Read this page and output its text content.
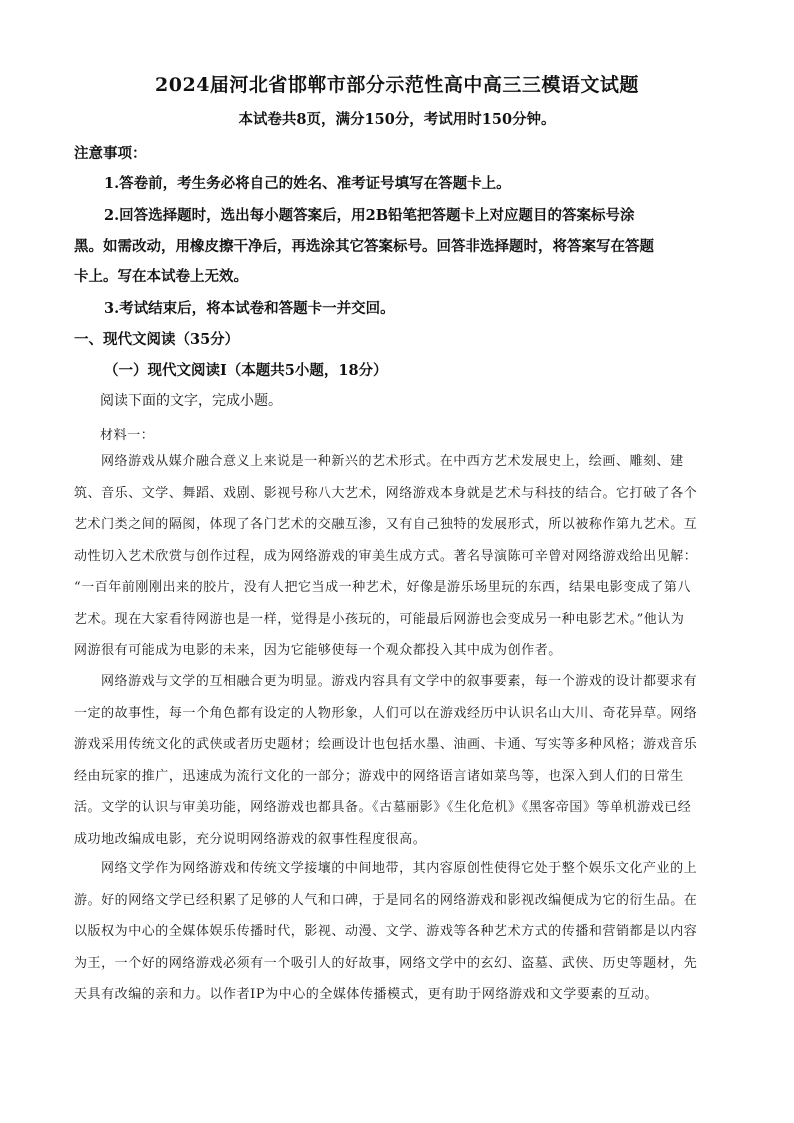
2024届河北省邯郸市部分示范性高中高三三模语文试题
本试卷共8页，满分150分，考试用时150分钟。
注意事项：
1.答卷前，考生务必将自己的姓名、准考证号填写在答题卡上。
2.回答选择题时，选出每小题答案后，用2B铅笔把答题卡上对应题目的答案标号涂
黑。如需改动，用橡皮擦干净后，再选涂其它答案标号。回答非选择题时，将答案写在答题
卡上。写在本试卷上无效。
3.考试结束后，将本试卷和答题卡一并交回。
一、现代文阅读（35分）
（一）现代文阅读Ⅰ（本题共5小题，18分）
阅读下面的文字，完成小题。
材料一：
网络游戏从媒介融合意义上来说是一种新兴的艺术形式。在中西方艺术发展史上，绘画、雕刻、建
筑、音乐、文学、舞蹈、戏剧、影视号称八大艺术，网络游戏本身就是艺术与科技的结合。它打破了各个
艺术门类之间的隔阂，体现了各门艺术的交融互渗，又有自己独特的发展形式，所以被称作第九艺术。互
动性切入艺术欣赏与创作过程，成为网络游戏的审美生成方式。著名导演陈可辛曾对网络游戏给出见解：
“一百年前刚刚出来的胶片，没有人把它当成一种艺术，好像是游乐场里玩的东西，结果电影变成了第八
艺术。现在大家看待网游也是一样，觉得是小孩玩的，可能最后网游也会变成另一种电影艺术。”他认为
网游很有可能成为电影的未来，因为它能够使每一个观众都投入其中成为创作者。
网络游戏与文学的互相融合更为明显。游戏内容具有文学中的叙事要素，每一个游戏的设计都要求有
一定的故事性，每一个角色都有设定的人物形象，人们可以在游戏经历中认识名山大川、奇花异草。网络
游戏采用传统文化的武侠或者历史题材；绘画设计也包括水墨、油画、卡通、写实等多种风格；游戏音乐
经由玩家的推广，迅速成为流行文化的一部分；游戏中的网络语言诸如菜鸟等，也深入到人们的日常生
活。文学的认识与审美功能，网络游戏也都具备。《古墓丽影》《生化危机》《黑客帝国》等单机游戏已经
成功地改编成电影，充分说明网络游戏的叙事性程度很高。
网络文学作为网络游戏和传统文学接壤的中间地带，其内容原创性使得它处于整个娱乐文化产业的上
游。好的网络文学已经积累了足够的人气和口碑，于是同名的网络游戏和影视改编便成为它的衍生品。在
以版权为中心的全媒体娱乐传播时代，影视、动漫、文学、游戏等各种艺术方式的传播和营销都是以内容
为王，一个好的网络游戏必须有一个吸引人的好故事，网络文学中的玄幻、盗墓、武侠、历史等题材，先
天具有改编的亲和力。以作者IP为中心的全媒体传播模式，更有助于网络游戏和文学要素的互动。
